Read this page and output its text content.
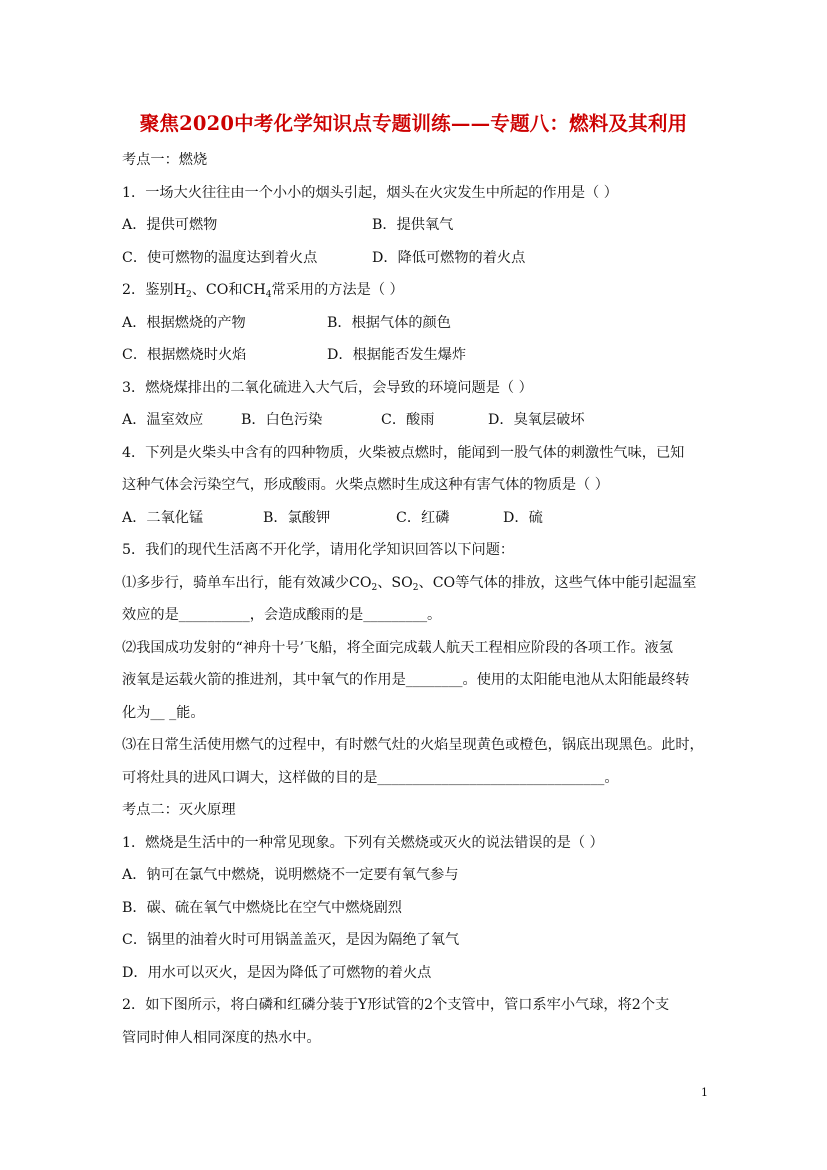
聚焦2020中考化学知识点专题训练——专题八：燃料及其利用
考点一：燃烧
1．一场大火往往由一个小小的烟头引起，烟头在火灾发生中所起的作用是（ ）
A．提供可燃物	B．提供氧气
C．使可燃物的温度达到着火点	D．降低可燃物的着火点
2．鉴别$H_2$、CO和$CH_4$常采用的方法是（ ）
A．根据燃烧的产物	B．根据气体的颜色
C．根据燃烧时火焰	D．根据能否发生爆炸
3．燃烧煤排出的二氧化硫进入大气后，会导致的环境问题是（ ）
A．温室效应	B．白色污染	C．酸雨	D．臭氧层破坏
4．下列是火柴头中含有的四种物质，火柴被点燃时，能闻到一股气体的刺激性气味，已知
这种气体会污染空气，形成酸雨。火柴点燃时生成这种有害气体的物质是（ ）
A．二氧化锰	B．氯酸钾	C．红磷	D．硫
5．我们的现代生活离不开化学，请用化学知识回答以下问题：
⑴多步行，骑单车出行，能有效减少$CO_2$、$SO_2$、CO等气体的排放，这些气体中能引起温室
效应的是__________，会造成酸雨的是_________。
⑵我国成功发射的“神舟十号’飞船，将全面完成载人航天工程相应阶段的各项工作。液氢
液氧是运载火箭的推进剂，其中氧气的作用是________。使用的太阳能电池从太阳能最终转
化为__ _能。
⑶在日常生活使用燃气的过程中，有时燃气灶的火焰呈现黄色或橙色，锅底出现黑色。此时，
可将灶具的进风口调大，这样做的目的是________________________________。
考点二：灭火原理
1．燃烧是生活中的一种常见现象。下列有关燃烧或灭火的说法错误的是（ ）
A．钠可在氯气中燃烧，说明燃烧不一定要有氧气参与
B．碳、硫在氧气中燃烧比在空气中燃烧剧烈
C．锅里的油着火时可用锅盖盖灭，是因为隔绝了氧气
D．用水可以灭火，是因为降低了可燃物的着火点
2．如下图所示，将白磷和红磷分装于Y形试管的2个支管中，管口系牢小气球，将2个支
管同时伸人相同深度的热水中。
1
